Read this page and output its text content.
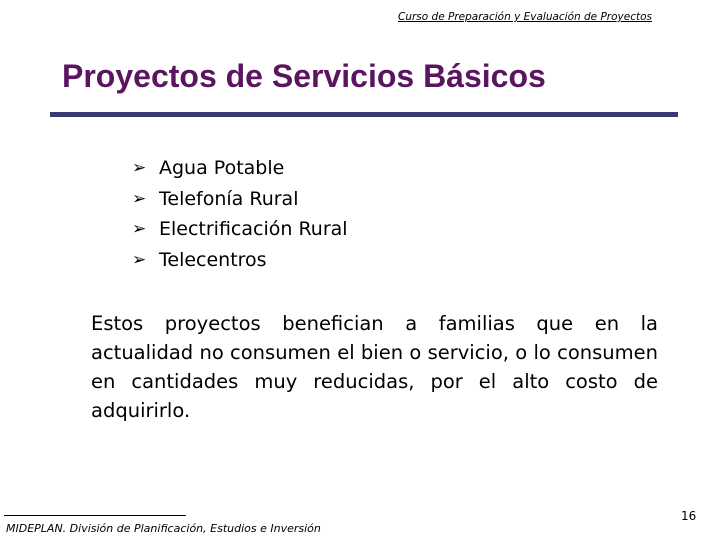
Curso de Preparación y Evaluación de Proyectos
Proyectos de Servicios Básicos
➢ Agua Potable
➢ Telefonía Rural
➢ Electrificación Rural
➢ Telecentros

Estos proyectos benefician a familias que en la actualidad no consumen el bien o servicio, o lo consumen en cantidades muy reducidas, por el alto costo de adquirirlo.

MIDEPLAN. División de Planificación, Estudios e Inversión
16
